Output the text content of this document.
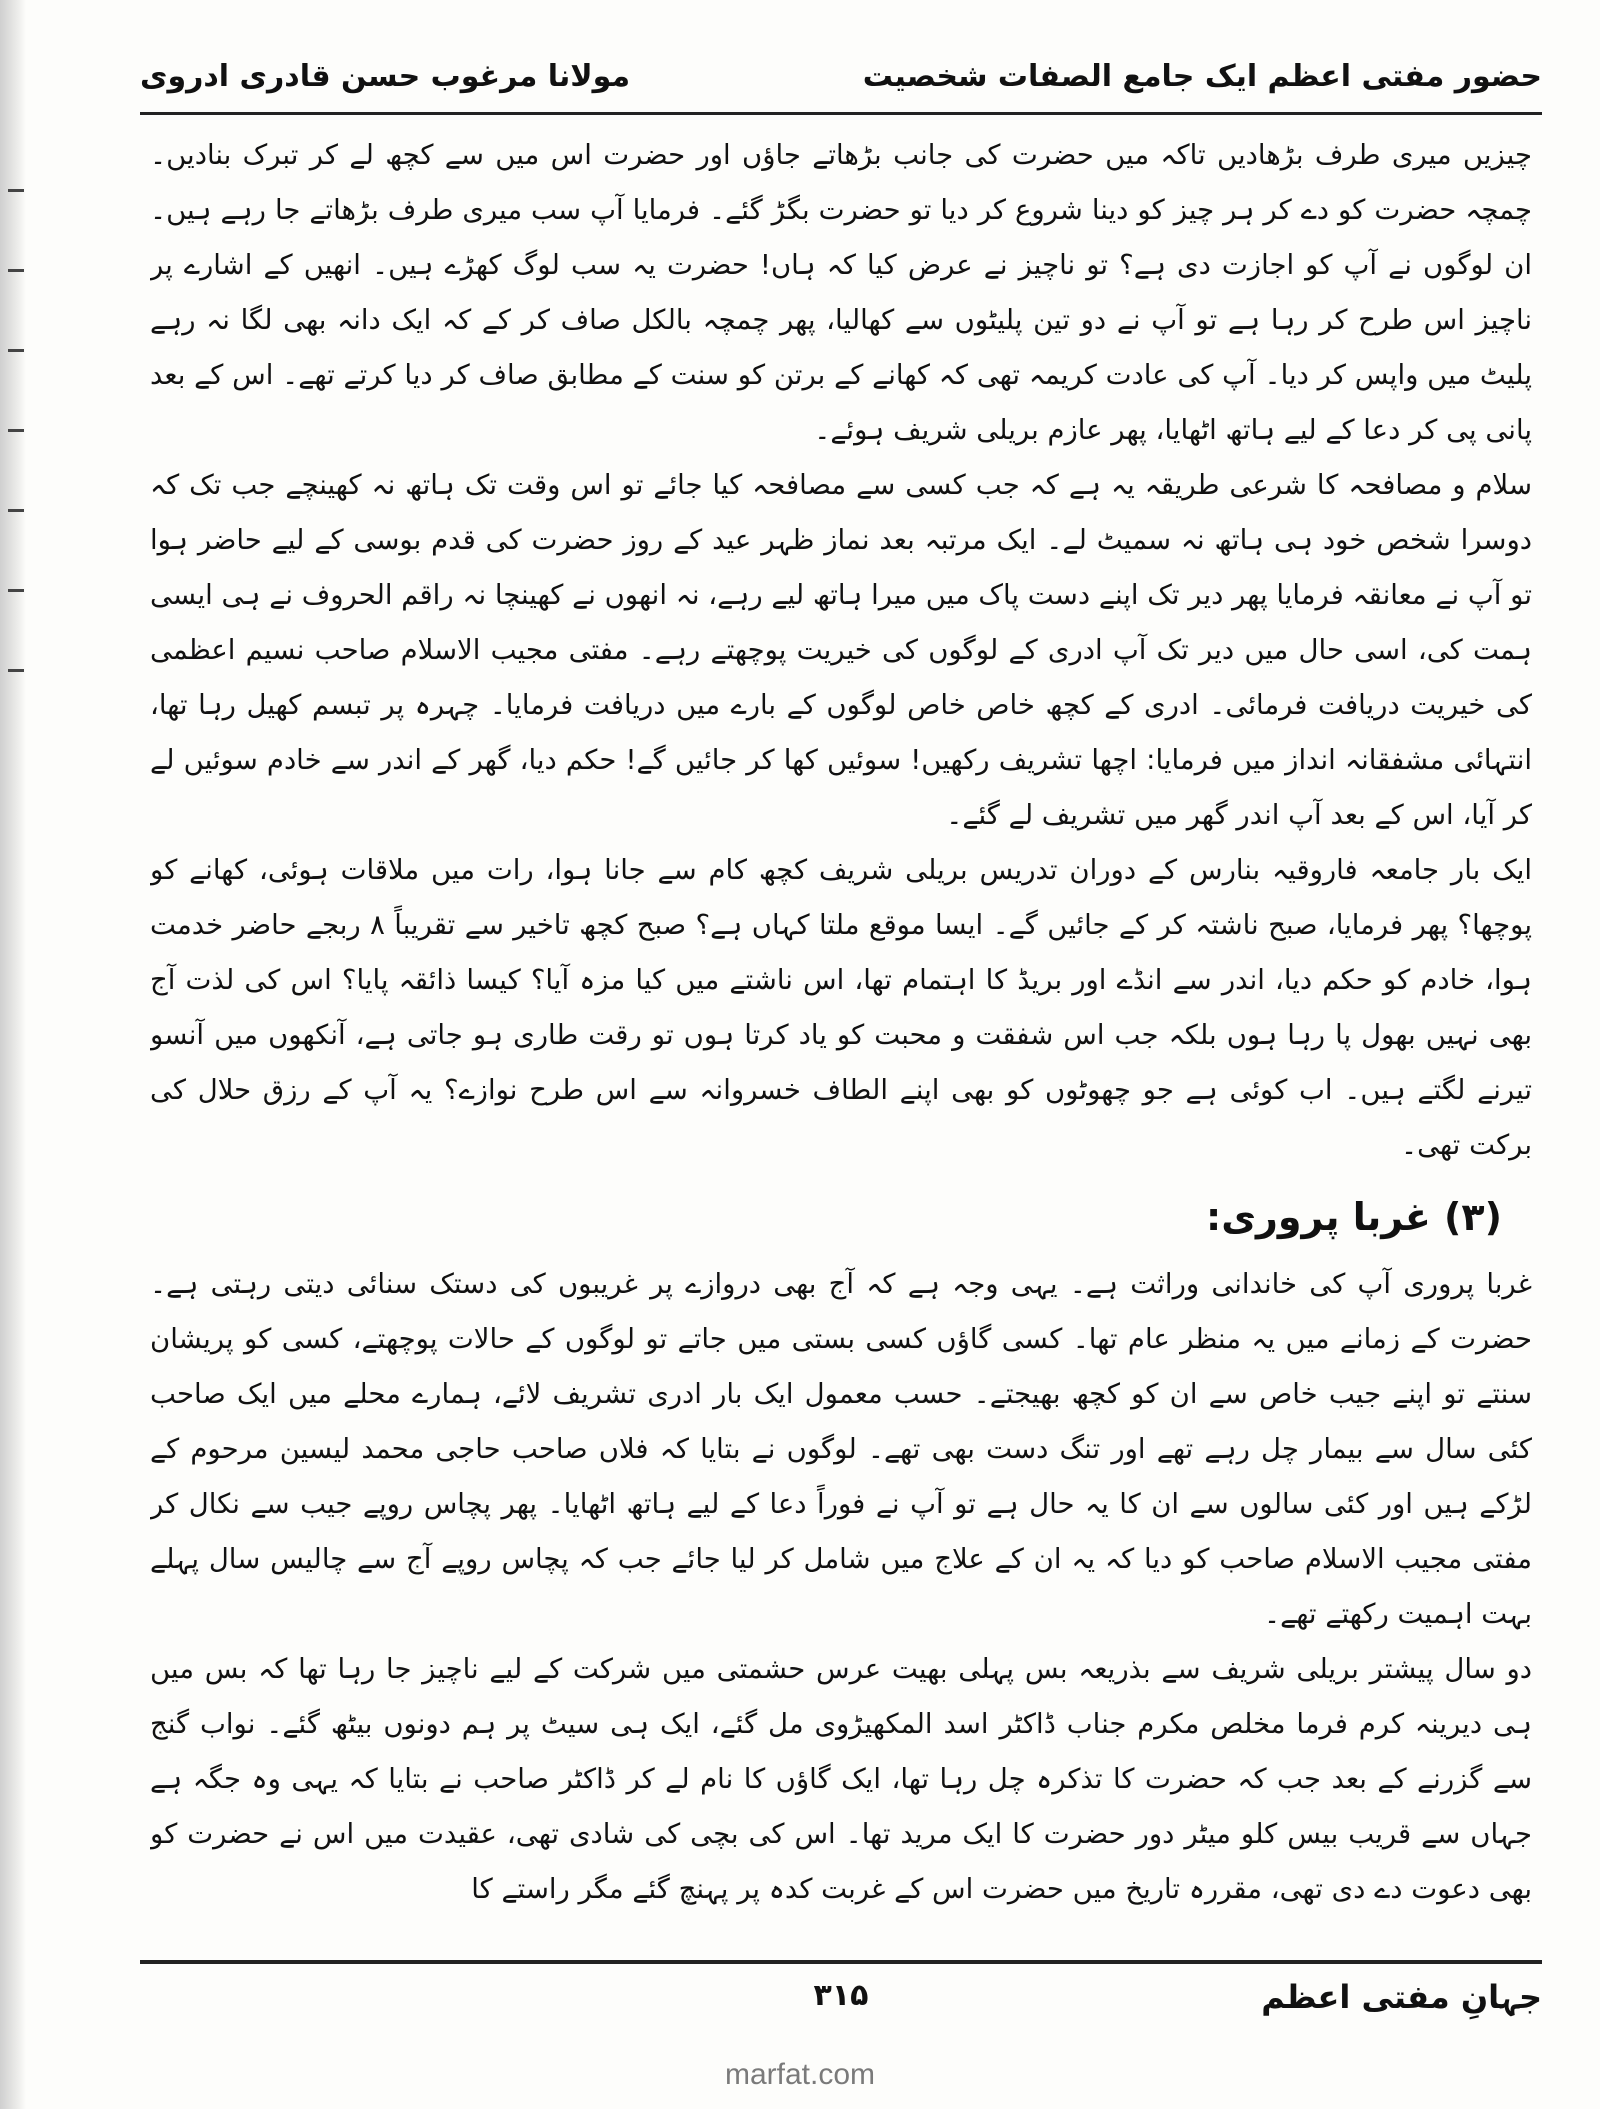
حضور مفتی اعظم ایک جامع الصفات شخصیت
مولانا مرغوب حسن قادری ادروی

چیزیں میری طرف بڑھادیں تاکہ میں حضرت کی جانب بڑھاتے جاؤں اور حضرت اس میں سے کچھ لے کر تبرک بنادیں۔ چمچہ حضرت کو دے کر ہر چیز کو دینا شروع کر دیا تو حضرت بگڑ گئے۔ فرمایا آپ سب میری طرف بڑھاتے جا رہے ہیں۔ ان لوگوں نے آپ کو اجازت دی ہے؟ تو ناچیز نے عرض کیا کہ ہاں! حضرت یہ سب لوگ کھڑے ہیں۔ انھیں کے اشارے پر ناچیز اس طرح کر رہا ہے تو آپ نے دو تین پلیٹوں سے کھالیا، پھر چمچہ بالکل صاف کر کے کہ ایک دانہ بھی لگا نہ رہے پلیٹ میں واپس کر دیا۔ آپ کی عادت کریمہ تھی کہ کھانے کے برتن کو سنت کے مطابق صاف کر دیا کرتے تھے۔ اس کے بعد پانی پی کر دعا کے لیے ہاتھ اٹھایا، پھر عازم بریلی شریف ہوئے۔

سلام و مصافحہ کا شرعی طریقہ یہ ہے کہ جب کسی سے مصافحہ کیا جائے تو اس وقت تک ہاتھ نہ کھینچے جب تک کہ دوسرا شخص خود ہی ہاتھ نہ سمیٹ لے۔ ایک مرتبہ بعد نماز ظہر عید کے روز حضرت کی قدم بوسی کے لیے حاضر ہوا تو آپ نے معانقہ فرمایا پھر دیر تک اپنے دست پاک میں میرا ہاتھ لیے رہے، نہ انھوں نے کھینچا نہ راقم الحروف نے ہی ایسی ہمت کی، اسی حال میں دیر تک آپ ادری کے لوگوں کی خیریت پوچھتے رہے۔ مفتی مجیب الاسلام صاحب نسیم اعظمی کی خیریت دریافت فرمائی۔ ادری کے کچھ خاص خاص لوگوں کے بارے میں دریافت فرمایا۔ چہرہ پر تبسم کھیل رہا تھا، انتہائی مشفقانہ انداز میں فرمایا: اچھا تشریف رکھیں! سوئیں کھا کر جائیں گے! حکم دیا، گھر کے اندر سے خادم سوئیں لے کر آیا، اس کے بعد آپ اندر گھر میں تشریف لے گئے۔

ایک بار جامعہ فاروقیہ بنارس کے دوران تدریس بریلی شریف کچھ کام سے جانا ہوا، رات میں ملاقات ہوئی، کھانے کو پوچھا؟ پھر فرمایا، صبح ناشتہ کر کے جائیں گے۔ ایسا موقع ملتا کہاں ہے؟ صبح کچھ تاخیر سے تقریباً ۸ ربجے حاضر خدمت ہوا، خادم کو حکم دیا، اندر سے انڈے اور بریڈ کا اہتمام تھا، اس ناشتے میں کیا مزہ آیا؟ کیسا ذائقہ پایا؟ اس کی لذت آج بھی نہیں بھول پا رہا ہوں بلکہ جب اس شفقت و محبت کو یاد کرتا ہوں تو رقت طاری ہو جاتی ہے، آنکھوں میں آنسو تیرنے لگتے ہیں۔ اب کوئی ہے جو چھوٹوں کو بھی اپنے الطاف خسروانہ سے اس طرح نوازے؟ یہ آپ کے رزق حلال کی برکت تھی۔

(۳) غربا پروری:

غربا پروری آپ کی خاندانی وراثت ہے۔ یہی وجہ ہے کہ آج بھی دروازے پر غریبوں کی دستک سنائی دیتی رہتی ہے۔ حضرت کے زمانے میں یہ منظر عام تھا۔ کسی گاؤں کسی بستی میں جاتے تو لوگوں کے حالات پوچھتے، کسی کو پریشان سنتے تو اپنے جیب خاص سے ان کو کچھ بھیجتے۔ حسب معمول ایک بار ادری تشریف لائے، ہمارے محلے میں ایک صاحب کئی سال سے بیمار چل رہے تھے اور تنگ دست بھی تھے۔ لوگوں نے بتایا کہ فلاں صاحب حاجی محمد لیسین مرحوم کے لڑکے ہیں اور کئی سالوں سے ان کا یہ حال ہے تو آپ نے فوراً دعا کے لیے ہاتھ اٹھایا۔ پھر پچاس روپے جیب سے نکال کر مفتی مجیب الاسلام صاحب کو دیا کہ یہ ان کے علاج میں شامل کر لیا جائے جب کہ پچاس روپے آج سے چالیس سال پہلے بہت اہمیت رکھتے تھے۔

دو سال پیشتر بریلی شریف سے بذریعہ بس پہلی بھیت عرس حشمتی میں شرکت کے لیے ناچیز جا رہا تھا کہ بس میں ہی دیرینہ کرم فرما مخلص مکرم جناب ڈاکٹر اسد المکھیڑوی مل گئے، ایک ہی سیٹ پر ہم دونوں بیٹھ گئے۔ نواب گنج سے گزرنے کے بعد جب کہ حضرت کا تذکرہ چل رہا تھا، ایک گاؤں کا نام لے کر ڈاکٹر صاحب نے بتایا کہ یہی وہ جگہ ہے جہاں سے قریب بیس کلو میٹر دور حضرت کا ایک مرید تھا۔ اس کی بچی کی شادی تھی، عقیدت میں اس نے حضرت کو بھی دعوت دے دی تھی، مقررہ تاریخ میں حضرت اس کے غربت کدہ پر پہنچ گئے مگر راستے کا

جہانِ مفتی اعظم
۳۱۵
marfat.com
